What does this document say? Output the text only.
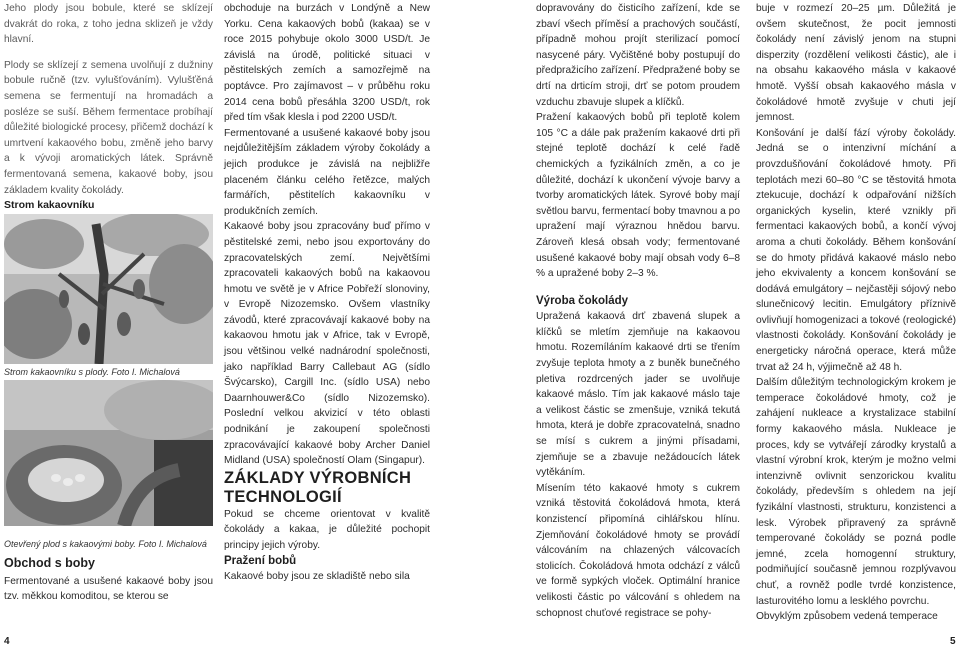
Jeho plody jsou bobule, které se sklízejí dvakrát do roka, z toho jedna sklizeň je vždy hlavní.

Plody se sklízejí z semena uvolňují z dužniny bobule ručně (tzv. vylušťováním). Vylušťěná semena se fermentují na hromadách a posléze se suší. Během fermentace probíhají důležité biologické procesy, přičemž dochází k umrtvení kakaového bobu, změně jeho barvy a k vývoji aromatických látek. Správně fermentovaná semena, kakaové boby, jsou základem kvality čokolády.

Strom kakaovníku

Strom kakaovníku s plody. Foto I. Michalová

Otevřený plod s kakaovými boby. Foto I. Michalová

Obchod s boby

Fermentované a usušené kakaové boby jsou tzv. měkkou komoditou, se kterou se

obchoduje na burzách v Londýně a New Yorku. Cena kakaových bobů (kakaa) se v roce 2015 pohybuje okolo 3000 USD/t. Je závislá na úrodě, politické situaci v pěstitelských zemích a samozřejmě na poptávce. Pro zajímavost – v průběhu roku 2014 cena bobů přesáhla 3200 USD/t, rok před tím však klesla i pod 2200 USD/t.

Fermentované a usušené kakaové boby jsou nejdůležitějším základem výroby čokolády a jejich produkce je závislá na nejbližře placeném článku celého řetězce, malých farmářích, pěstitelích kakaovníku v produkčních zemích.

Kakaové boby jsou zpracovány buď přímo v pěstitelské zemi, nebo jsou exportovány do zpracovatelských zemí. Největšími zpracovateli kakaových bobů na kakaovou hmotu ve světě je v Africe Pobřeží slonoviny, v Evropě Nizozemsko. Ovšem vlastníky závodů, které zpracovávají kakaové boby na kakaovou hmotu jak v Africe, tak v Evropě, jsou většinou velké nadnárodní společnosti, jako například Barry Callebaut AG (sídlo Švýcarsko), Cargill Inc. (sídlo USA) nebo Daarnhouwer&Co (sídlo Nizozemsko). Poslední velkou akvizicí v této oblasti podnikání je zakoupení společnosti zpracovávající kakaové boby Archer Daniel Midland (USA) společností Olam (Singapur).

ZÁKLADY VÝROBNÍCH TECHNOLOGIÍ

Pokud se chceme orientovat v kvalitě čokolády a kakaa, je důležité pochopit principy jejich výroby.

Pražení bobů

Kakaové boby jsou ze skladiště nebo sila

dopravovány do čisticího zařízení, kde se zbaví všech příměsí a prachových součástí, případně mohou projít sterilizací pomocí nasycené páry. Vyčištěné boby postupují do předpražicího zařízení. Předpražené boby se drtí na drticím stroji, drť se potom proudem vzduchu zbavuje slupek a klíčků.

Pražení kakaových bobů při teplotě kolem 105 °C a dále pak pražením kakaové drti při stejné teplotě dochází k celé řadě chemických a fyzikálních změn, a co je důležité, dochází k ukončení vývoje barvy a tvorby aromatických látek. Syrové boby mají světlou barvu, fermentací boby tmavnou a po upražení mají výraznou hnědou barvu. Zároveň klesá obsah vody; fermentované usušené kakaové boby mají obsah vody 6–8 % a upražené boby 2–3 %.

Výroba čokolády

Upražená kakaová drť zbavená slupek a klíčků se mletím zjemňuje na kakaovou hmotu. Rozemíláním kakaové drti se třením zvyšuje teplota hmoty a z buněk bunečného pletiva rozdrcených jader se uvolňuje kakaové máslo. Tím jak kakaové máslo taje a velikost částic se zmenšuje, vzniká tekutá hmota, která je dobře zpracovatelná, snadno se mísí s cukrem a jinými přísadami, zjemňuje se a zbavuje nežádoucích látek vytěkáním.

Mísením této kakaové hmoty s cukrem vzniká těstovitá čokoládová hmota, která konzistencí připomíná cihlářskou hlínu. Zjemňování čokoládové hmoty se provádí válcováním na chlazených válcovacích stolicích. Čokoládová hmota odchází z válců ve formě sypkých vloček. Optimální hranice velikosti částic po válcování s ohledem na schopnost chuťové registrace se pohy-

buje v rozmezí 20–25 µm. Důležitá je ovšem skutečnost, že pocit jemnosti čokolády není závislý jenom na stupni disperzity (rozdělení velikosti částic), ale i na obsahu kakaového másla v kakaové hmotě. Vyšší obsah kakaového másla v čokoládové hmotě zvyšuje v chuti její jemnost.

Konšování je další fází výroby čokolády. Jedná se o intenzivní míchání a provzdušňování čokoládové hmoty. Při teplotách mezi 60–80 °C se těstovitá hmota ztekucuje, dochází k odpařování nižších organických kyselin, které vznikly při fermentaci kakaových bobů, a končí vývoj aroma a chuti čokolády. Během konšování se do hmoty přidává kakaové máslo nebo jeho ekvivalenty a koncem konšování se dodává emulgátory – nejčastěji sójový nebo slunečnicový lecitin. Emulgátory příznivě ovlivňují homogenizaci a tokové (reologické) vlastnosti čokolády. Konšování čokolády je energeticky náročná operace, která může trvat až 24 h, výjimečně až 48 h.

Dalším důležitým technologickým krokem je temperace čokoládové hmoty, což je zahájení nukleace a krystalizace stabilní formy kakaového másla. Nukleace je proces, kdy se vytvářejí zárodky krystalů a vlastní výrobní krok, kterým je možno velmi intenzivně ovlivnit senzorickou kvalitu čokolády, především s ohledem na její fyzikální vlastnosti, strukturu, konzistenci a lesk. Výrobek připravený za správně temperované čokolády se pozná podle jemné, zcela homogenní struktury, podmiňující současně jemnou rozplývavou chuť, a rovněž podle tvrdé konzistence, lasturovitého lomu a lesklého povrchu.

Obvyklým způsobem vedená temperace

4	5
